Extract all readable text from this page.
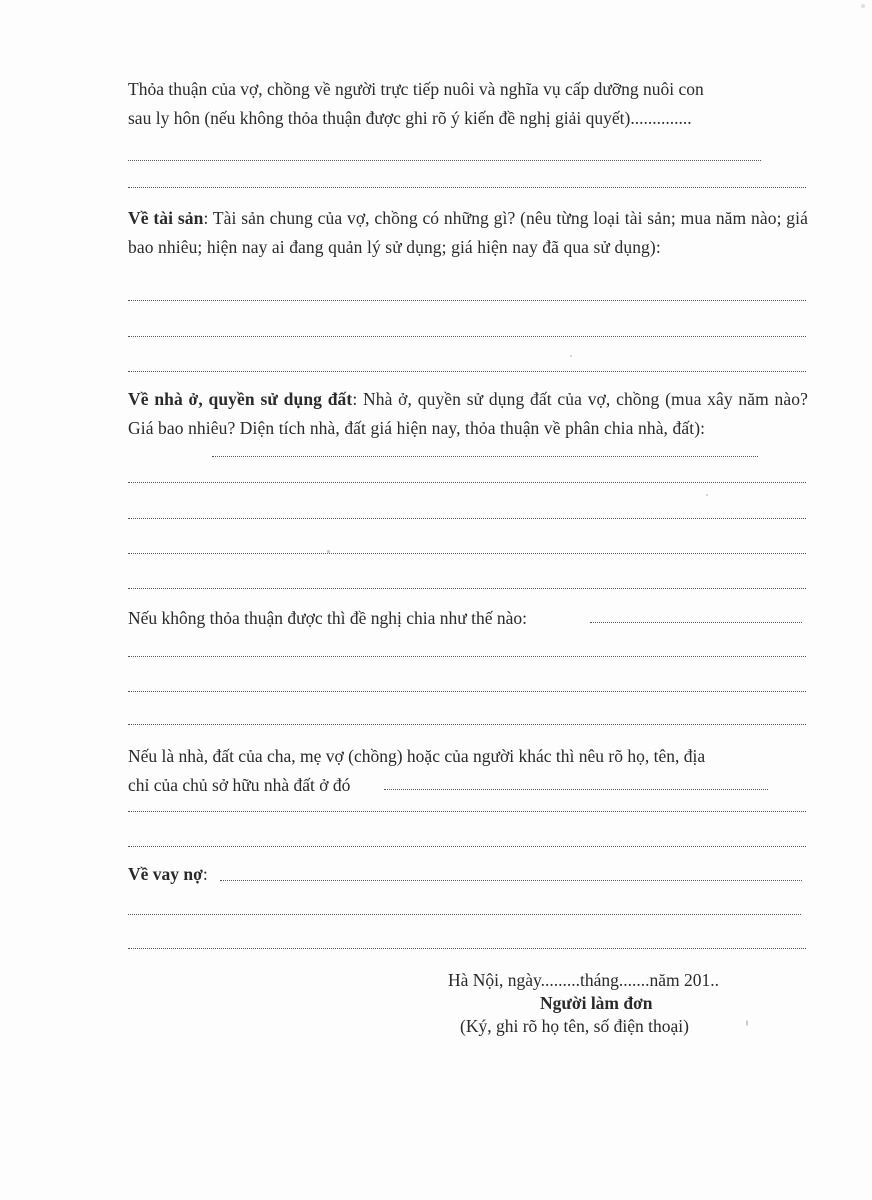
Thỏa thuận của vợ, chồng về người trực tiếp nuôi và nghĩa vụ cấp dưỡng nuôi con
sau ly hôn (nếu không thỏa thuận được ghi rõ ý kiến đề nghị giải quyết)..............
Về tài sản: Tài sản chung của vợ, chồng có những gì? (nêu từng loại tài sản; mua năm nào; giá bao nhiêu; hiện nay ai đang quản lý sử dụng; giá hiện nay đã qua sử dụng):
Về nhà ở, quyền sử dụng đất: Nhà ở, quyền sử dụng đất của vợ, chồng (mua xây năm nào? Giá bao nhiêu? Diện tích nhà, đất giá hiện nay, thỏa thuận về phân chia nhà, đất):
Nếu không thỏa thuận được thì đề nghị chia như thế nào:
Nếu là nhà, đất của cha, mẹ vợ (chồng) hoặc của người khác thì nêu rõ họ, tên, địa
chỉ của chủ sở hữu nhà đất ở đó
Về vay nợ:
Hà Nội, ngày.........tháng.......năm 201..
Người làm đơn
(Ký, ghi rõ họ tên, số điện thoại)
